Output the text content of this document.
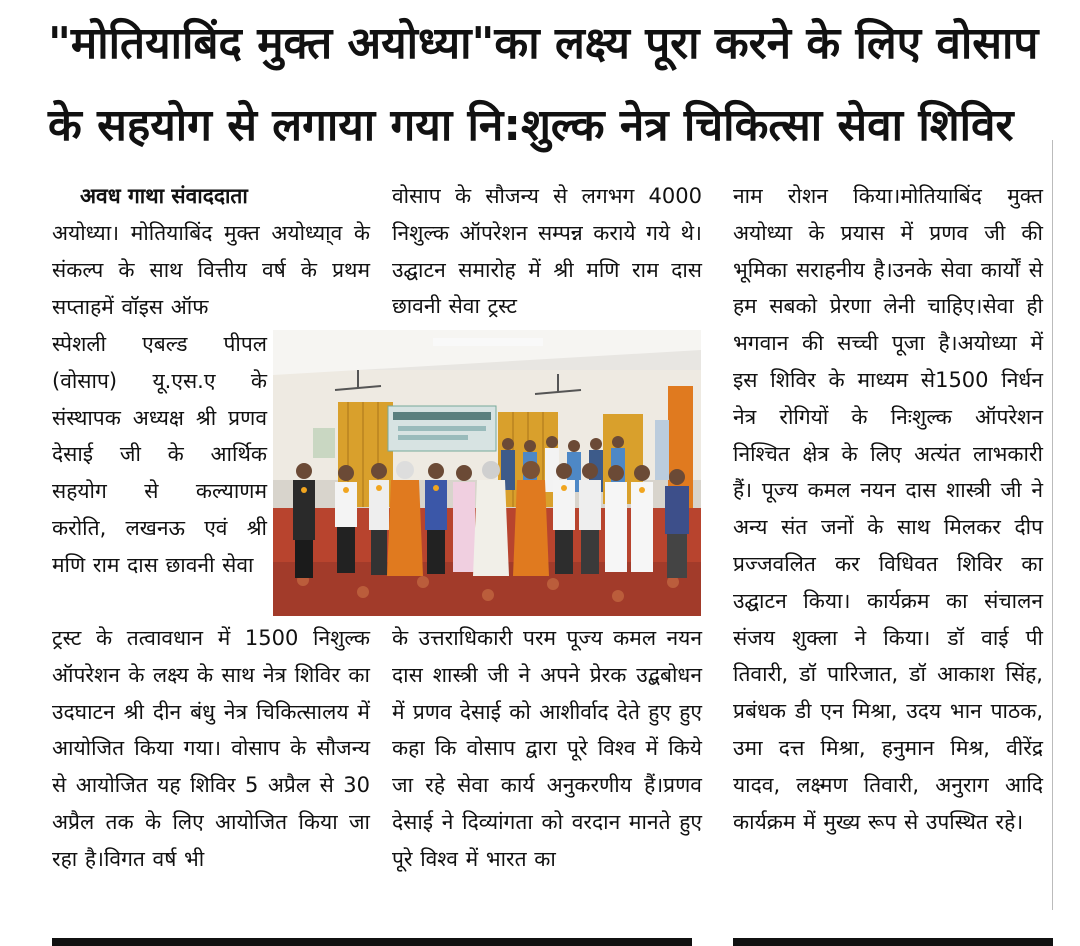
"मोतियाबिंद मुक्त अयोध्या"का लक्ष्य पूरा करने के लिए वोसाप
के सहयोग से लगाया गया नि:शुल्क नेत्र चिकित्सा सेवा शिविर
अवध गाथा संवाददाता

अयोध्या। मोतियाबिंद मुक्त अयोध्या्व के संकल्प के साथ वित्तीय वर्ष के प्रथम सप्ताहमें वॉइस ऑफ

स्पेशली एबल्ड पीपल (वोसाप) यू.एस.ए के संस्थापक अध्यक्ष श्री प्रणव देसाई जी के आर्थिक सहयोग से कल्याणम करोति, लखनऊ एवं श्री मणि राम दास छावनी सेवा

ट्रस्ट के तत्वावधान में 1500 निशुल्क ऑपरेशन के लक्ष्य के साथ नेत्र शिविर का उदघाटन श्री दीन बंधु नेत्र चिकित्सालय में आयोजित किया गया। वोसाप के सौजन्य से आयोजित यह शिविर 5 अप्रैल से 30 अप्रैल तक के लिए आयोजित किया जा रहा है।विगत वर्ष भी

वोसाप के सौजन्य से लगभग 4000 निशुल्क ऑपरेशन सम्पन्न कराये गये थे। उद्घाटन समारोह में श्री मणि राम दास छावनी सेवा ट्रस्ट

के उत्तराधिकारी परम पूज्य कमल नयन दास शास्त्री जी ने अपने प्रेरक उद्बबोधन में प्रणव देसाई को आशीर्वाद देते हुए हुए कहा कि वोसाप द्वारा पूरे विश्व में किये जा रहे सेवा कार्य अनुकरणीय हैं।प्रणव देसाई ने दिव्यांगता को वरदान मानते हुए पूरे विश्व में भारत का

नाम रोशन किया।मोतियाबिंद मुक्त अयोध्या के प्रयास में प्रणव जी की भूमिका सराहनीय है।उनके सेवा कार्यों से हम सबको प्रेरणा लेनी चाहिए।सेवा ही भगवान की सच्ची पूजा है।अयोध्या में इस शिविर के माध्यम से1500 निर्धन नेत्र रोगियों के निःशुल्क ऑपरेशन निश्चित क्षेत्र के लिए अत्यंत लाभकारी हैं। पूज्य कमल नयन दास शास्त्री जी ने अन्य संत जनों के साथ मिलकर दीप प्रज्जवलित कर विधिवत शिविर का उद्घाटन किया। कार्यक्रम का संचालन संजय शुक्ला ने किया। डॉ वाई पी तिवारी, डॉ पारिजात, डॉ आकाश सिंह, प्रबंधक डी एन मिश्रा, उदय भान पाठक, उमा दत्त मिश्रा, हनुमान मिश्र, वीरेंद्र यादव, लक्ष्मण तिवारी, अनुराग आदि कार्यक्रम में मुख्य रूप से उपस्थित रहे।
